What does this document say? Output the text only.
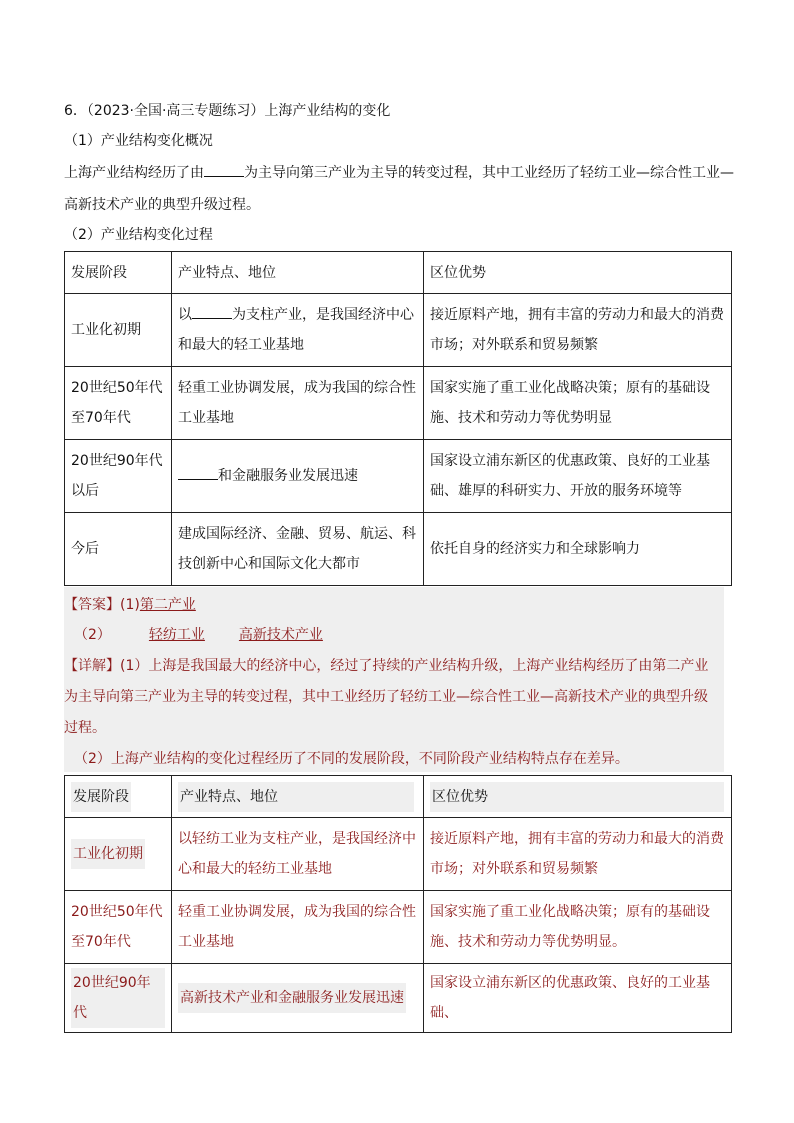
6．（2023·全国·高三专题练习）上海产业结构的变化
（1）产业结构变化概况
上海产业结构经历了由	为主导向第三产业为主导的转变过程，其中工业经历了轻纺工业—综合性工业—
高新技术产业的典型升级过程。
（2）产业结构变化过程
发展阶段	产业特点、地位	区位优势
工业化初期	以 为支柱产业，是我国经济中心和最大的轻工业基地	接近原料产地，拥有丰富的劳动力和最大的消费市场；对外联系和贸易频繁
20世纪50年代至70年代	轻重工业协调发展，成为我国的综合性工业基地	国家实施了重工业化战略决策；原有的基础设施、技术和劳动力等优势明显
20世纪90年代以后	和金融服务业发展迅速	国家设立浦东新区的优惠政策、良好的工业基础、雄厚的科研实力、开放的服务环境等
今后	建成国际经济、金融、贸易、航运、科技创新中心和国际文化大都市	依托自身的经济实力和全球影响力
【答案】(1)第二产业
（2）	轻纺工业 高新技术产业
【详解】(1）上海是我国最大的经济中心，经过了持续的产业结构升级，上海产业结构经历了由第二产业
为主导向第三产业为主导的转变过程，其中工业经历了轻纺工业—综合性工业—高新技术产业的典型升级
过程。
（2）上海产业结构的变化过程经历了不同的发展阶段，不同阶段产业结构特点存在差异。
发展阶段	产业特点、地位	区位优势
工业化初期	以轻纺工业为支柱产业，是我国经济中心和最大的轻纺工业基地	接近原料产地，拥有丰富的劳动力和最大的消费市场；对外联系和贸易频繁
20世纪50年代至70年代	轻重工业协调发展，成为我国的综合性工业基地	国家实施了重工业化战略决策；原有的基础设施、技术和劳动力等优势明显。
20世纪90年代	高新技术产业和金融服务业发展迅速	国家设立浦东新区的优惠政策、良好的工业基础、
